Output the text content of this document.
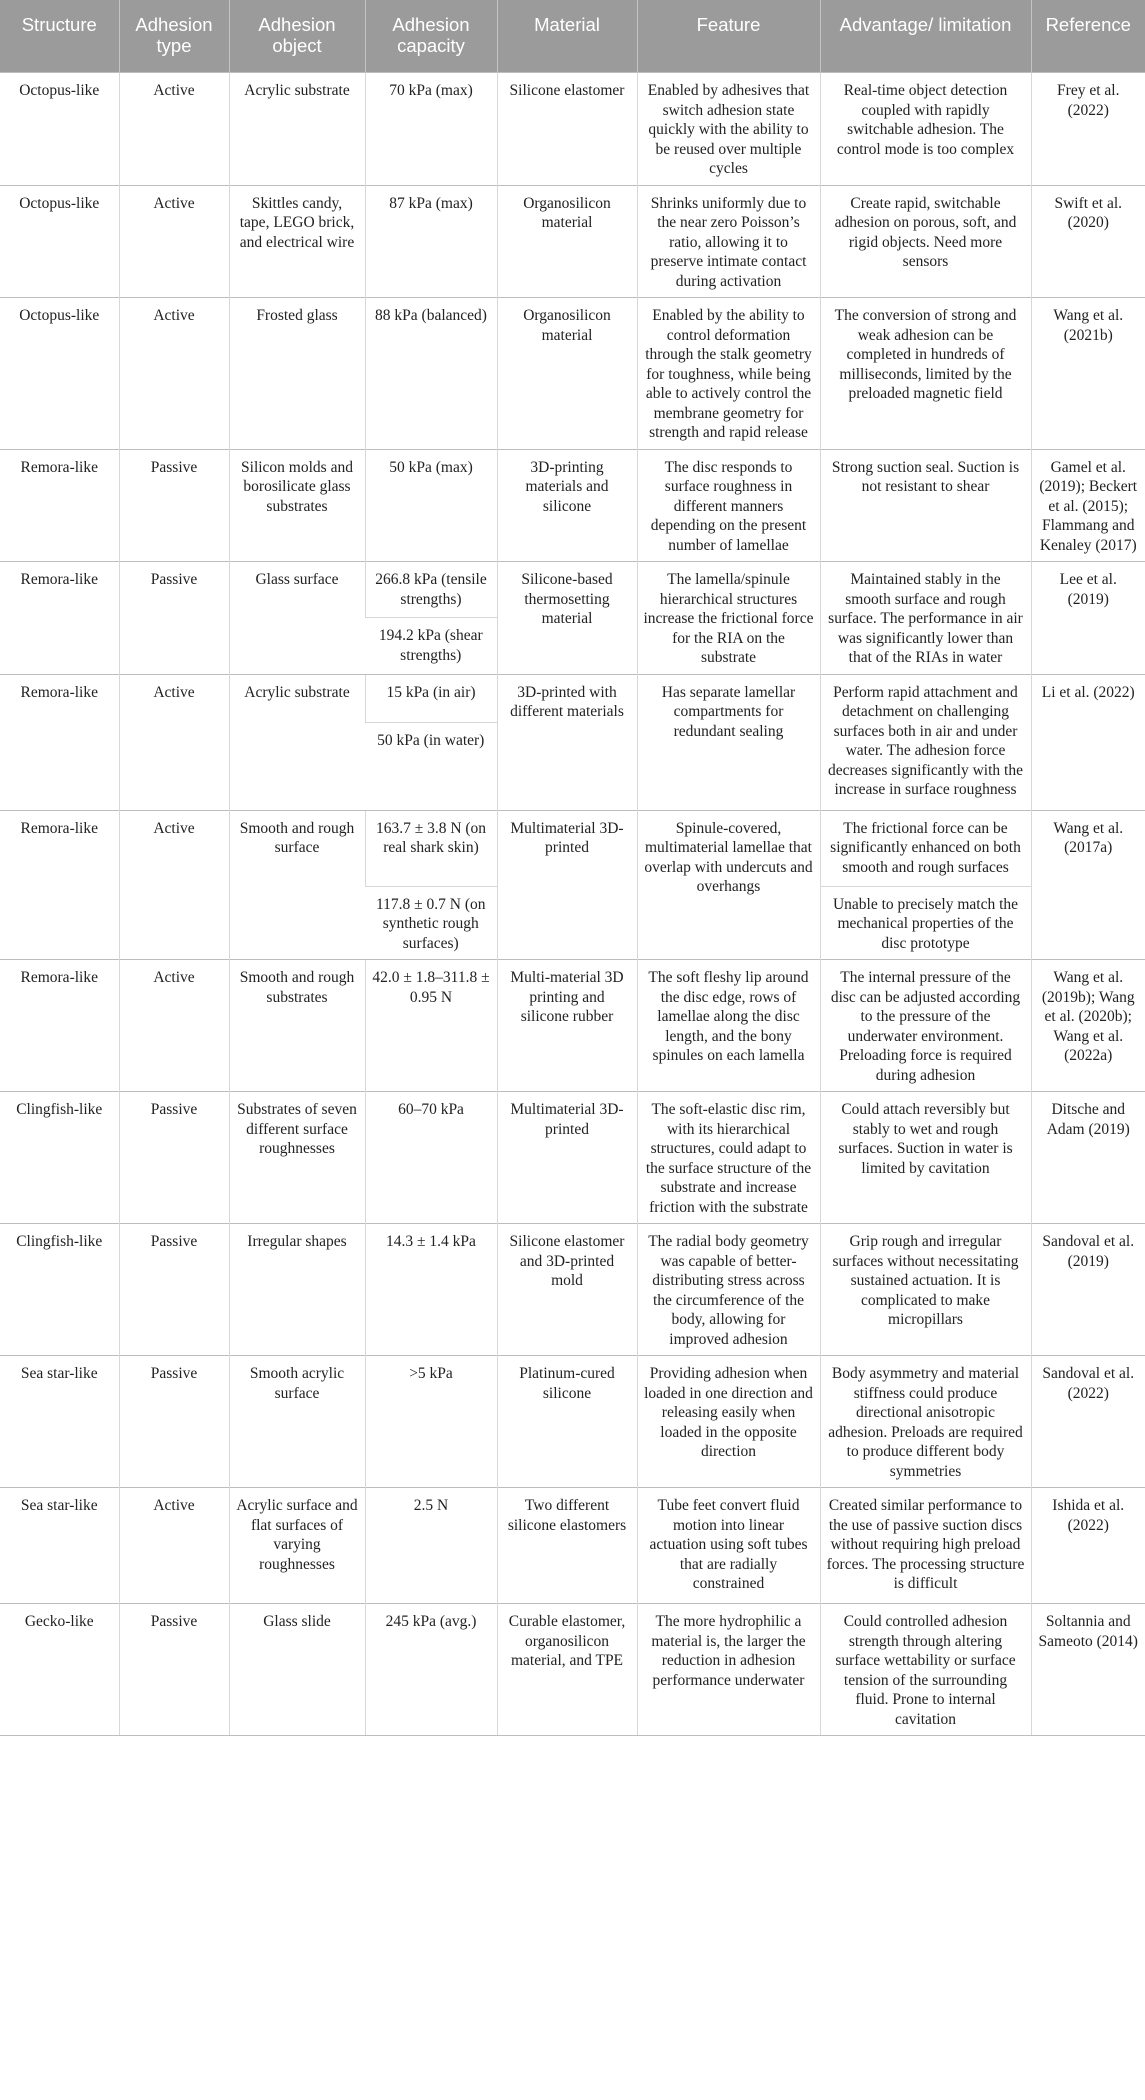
Structure	Adhesion type	Adhesion object	Adhesion capacity	Material	Feature	Advantage/ limitation	Reference
Octopus-like	Active	Acrylic substrate	70 kPa (max)	Silicone elastomer	Enabled by adhesives that switch adhesion state quickly with the ability to be reused over multiple cycles	Real-time object detection coupled with rapidly switchable adhesion. The control mode is too complex	Frey et al. (2022)
Octopus-like	Active	Skittles candy, tape, LEGO brick, and electrical wire	87 kPa (max)	Organosilicon material	Shrinks uniformly due to the near zero Poisson’s ratio, allowing it to preserve intimate contact during activation	Create rapid, switchable adhesion on porous, soft, and rigid objects. Need more sensors	Swift et al. (2020)
Octopus-like	Active	Frosted glass	88 kPa (balanced)	Organosilicon material	Enabled by the ability to control deformation through the stalk geometry for toughness, while being able to actively control the membrane geometry for strength and rapid release	The conversion of strong and weak adhesion can be completed in hundreds of milliseconds, limited by the preloaded magnetic field	Wang et al. (2021b)
Remora-like	Passive	Silicon molds and borosilicate glass substrates	50 kPa (max)	3D-printing materials and silicone	The disc responds to surface roughness in different manners depending on the present number of lamellae	Strong suction seal. Suction is not resistant to shear	Gamel et al. (2019); Beckert et al. (2015); Flammang and Kenaley (2017)
Remora-like	Passive	Glass surface	266.8 kPa (tensile strengths)	Silicone-based thermosetting material	The lamella/spinule hierarchical structures increase the frictional force for the RIA on the substrate	Maintained stably in the smooth surface and rough surface. The performance in air was significantly lower than that of the RIAs in water	Lee et al. (2019)
			194.2 kPa (shear strengths)				
Remora-like	Active	Acrylic substrate	15 kPa (in air)	3D-printed with different materials	Has separate lamellar compartments for redundant sealing	Perform rapid attachment and detachment on challenging surfaces both in air and under water. The adhesion force decreases significantly with the increase in surface roughness	Li et al. (2022)
			50 kPa (in water)				
Remora-like	Active	Smooth and rough surface	163.7 ± 3.8 N (on real shark skin)	Multimaterial 3D-printed	Spinule-covered, multimaterial lamellae that overlap with undercuts and overhangs	The frictional force can be significantly enhanced on both smooth and rough surfaces	Wang et al. (2017a)
			117.8 ± 0.7 N (on synthetic rough surfaces)			Unable to precisely match the mechanical properties of the disc prototype	
Remora-like	Active	Smooth and rough substrates	42.0 ± 1.8–311.8 ± 0.95 N	Multi-material 3D printing and silicone rubber	The soft fleshy lip around the disc edge, rows of lamellae along the disc length, and the bony spinules on each lamella	The internal pressure of the disc can be adjusted according to the pressure of the underwater environment. Preloading force is required during adhesion	Wang et al. (2019b); Wang et al. (2020b); Wang et al. (2022a)
Clingfish-like	Passive	Substrates of seven different surface roughnesses	60–70 kPa	Multimaterial 3D-printed	The soft-elastic disc rim, with its hierarchical structures, could adapt to the surface structure of the substrate and increase friction with the substrate	Could attach reversibly but stably to wet and rough surfaces. Suction in water is limited by cavitation	Ditsche and Adam (2019)
Clingfish-like	Passive	Irregular shapes	14.3 ± 1.4 kPa	Silicone elastomer and 3D-printed mold	The radial body geometry was capable of better-distributing stress across the circumference of the body, allowing for improved adhesion	Grip rough and irregular surfaces without necessitating sustained actuation. It is complicated to make micropillars	Sandoval et al. (2019)
Sea star-like	Passive	Smooth acrylic surface	>5 kPa	Platinum-cured silicone	Providing adhesion when loaded in one direction and releasing easily when loaded in the opposite direction	Body asymmetry and material stiffness could produce directional anisotropic adhesion. Preloads are required to produce different body symmetries	Sandoval et al. (2022)
Sea star-like	Active	Acrylic surface and flat surfaces of varying roughnesses	2.5 N	Two different silicone elastomers	Tube feet convert fluid motion into linear actuation using soft tubes that are radially constrained	Created similar performance to the use of passive suction discs without requiring high preload forces. The processing structure is difficult	Ishida et al. (2022)
Gecko-like	Passive	Glass slide	245 kPa (avg.)	Curable elastomer, organosilicon material, and TPE	The more hydrophilic a material is, the larger the reduction in adhesion performance underwater	Could controlled adhesion strength through altering surface wettability or surface tension of the surrounding fluid. Prone to internal cavitation	Soltannia and Sameoto (2014)
